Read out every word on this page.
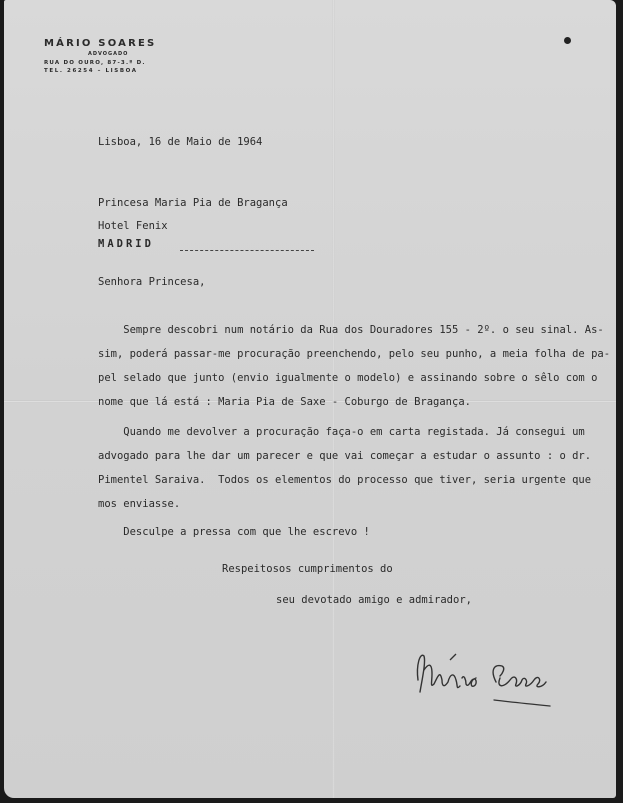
MÁRIO SOARES
ADVOGADO
RUA DO OURO, 87-3.º D.
TEL. 26254 – LISBOA
Lisboa, 16 de Maio de 1964
Princesa Maria Pia de Bragança
Hotel Fenix
MADRID
Senhora Princesa,
Sempre descobri num notário da Rua dos Douradores 155 - 2º. o seu sinal. As-
sim, poderá passar-me procuração preenchendo, pelo seu punho, a meia folha de pa-
pel selado que junto (envio igualmente o modelo) e assinando sobre o sêlo com o
nome que lá está : Maria Pia de Saxe - Coburgo de Bragança.
Quando me devolver a procuração faça-o em carta registada. Já consegui um
advogado para lhe dar um parecer e que vai começar a estudar o assunto : o dr.
Pimentel Saraiva.  Todos os elementos do processo que tiver, seria urgente que
mos enviasse.
Desculpe a pressa com que lhe escrevo !
Respeitosos cumprimentos do
seu devotado amigo e admirador,
